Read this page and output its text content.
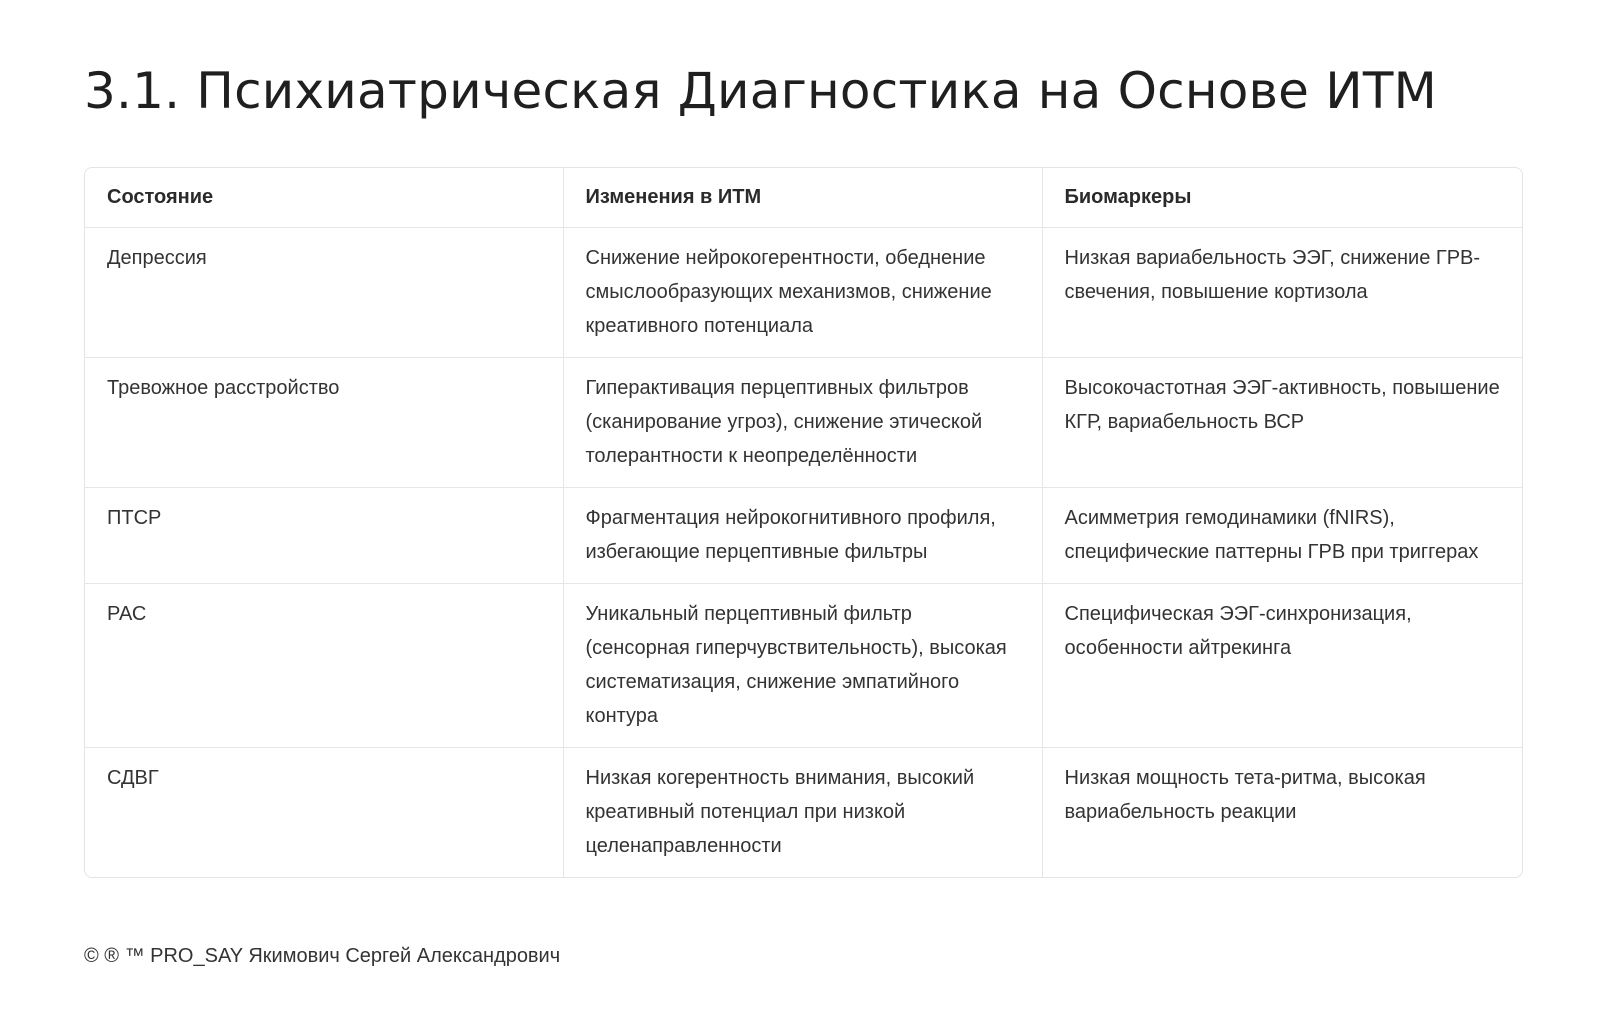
3.1. Психиатрическая Диагностика на Основе ИТМ
Состояние	Изменения в ИТМ	Биомаркеры
Депрессия	Снижение нейрокогерентности, обеднение смыслообразующих механизмов, снижение креативного потенциала	Низкая вариабельность ЭЭГ, снижение ГРВ-свечения, повышение кортизола
Тревожное расстройство	Гиперактивация перцептивных фильтров (сканирование угроз), снижение этической толерантности к неопределённости	Высокочастотная ЭЭГ-активность, повышение КГР, вариабельность ВСР
ПТСР	Фрагментация нейрокогнитивного профиля, избегающие перцептивные фильтры	Асимметрия гемодинамики (fNIRS), специфические паттерны ГРВ при триггерах
РАС	Уникальный перцептивный фильтр (сенсорная гиперчувствительность), высокая систематизация, снижение эмпатийного контура	Специфическая ЭЭГ-синхронизация, особенности айтрекинга
СДВГ	Низкая когерентность внимания, высокий креативный потенциал при низкой целенаправленности	Низкая мощность тета-ритма, высокая вариабельность реакции
© ® ™ PRO_SAY Якимович Сергей Александрович
